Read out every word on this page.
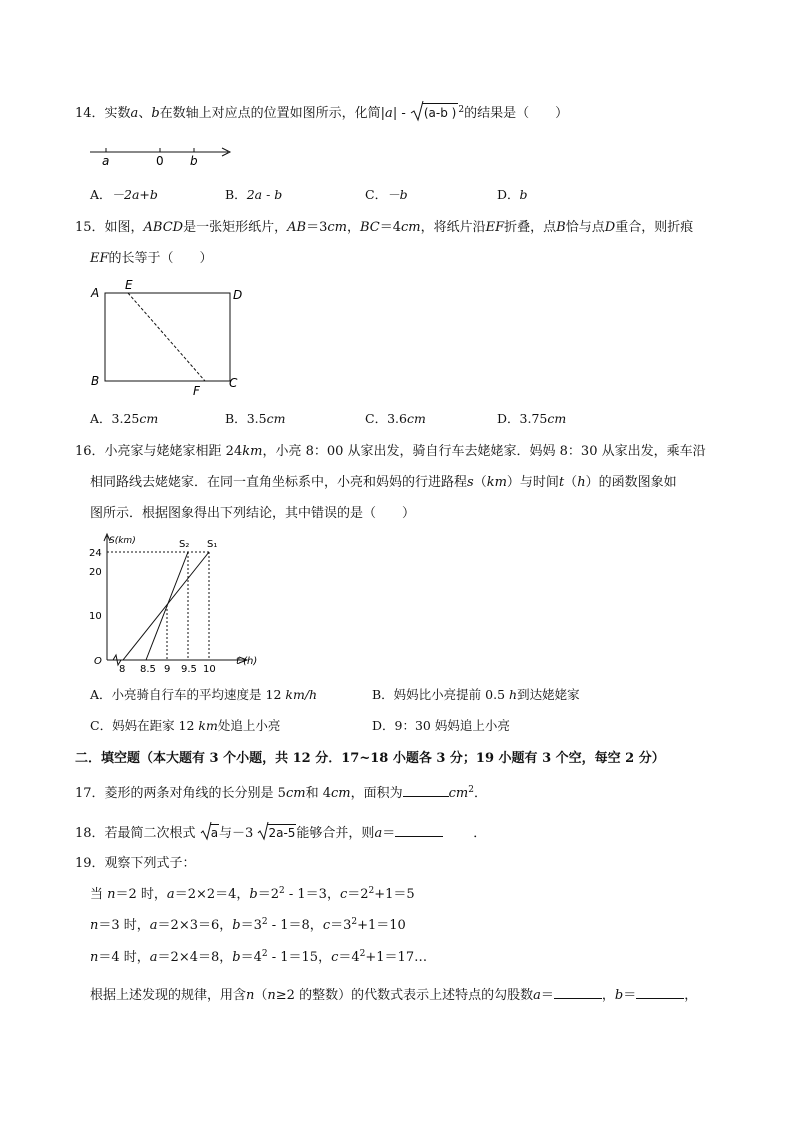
14．实数a、b在数轴上对应点的位置如图所示，化简|a| -
(a-b ) $^2$的结果是（　　）
a	0 b
A．－2a+b	B．2a - b	C．－b	D．b
15．如图，ABCD是一张矩形纸片，AB＝3cm，BC＝4cm，将纸片沿EF折叠，点B恰与点D重合，则折痕
EF的长等于（　　）
A
E
D
B
F
C
A．3.25cm	B．3.5cm	C．3.6cm	D．3.75cm
16．小亮家与姥姥家相距 24km，小亮 8：00 从家出发，骑自行车去姥姥家．妈妈 8：30 从家出发，乘车沿
相同路线去姥姥家．在同一直角坐标系中，小亮和妈妈的行进路程s（km）与时间t（h）的函数图象如
图所示．根据图象得出下列结论，其中错误的是（　　）
S(km)	S₂ S₁
24
20
10
O
8 8.5 9 9.5 10
t (h)
A．小亮骑自行车的平均速度是 12 km/h	B．妈妈比小亮提前 0.5 h到达姥姥家
C．妈妈在距家 12 km处追上小亮	D．9：30 妈妈追上小亮
二．填空题（本大题有 3 个小题，共 12 分．17~18 小题各 3 分；19 小题有 3 个空，每空 2 分）
17．菱形的两条对角线的长分别是 5cm和 4cm，面积为	$cm^2$．
18．若最简二次根式 a与－3 2a-5能够合并，则a＝	．
19．观察下列式子：
当 n＝2 时，a＝2×2＝4，$b=2^2 - 1=3$，$c=2^2+1=5$
n＝3 时，a＝2×3＝6，$b=3^2 - 1=8$，$c=3^2+1=10$
n＝4 时，a＝2×4＝8，$b=4^2 - 1=15$，$c=4^2+1=17\dots$
根据上述发现的规律，用含n（n≥2 的整数）的代数式表示上述特点的勾股数a＝	，b＝	，
